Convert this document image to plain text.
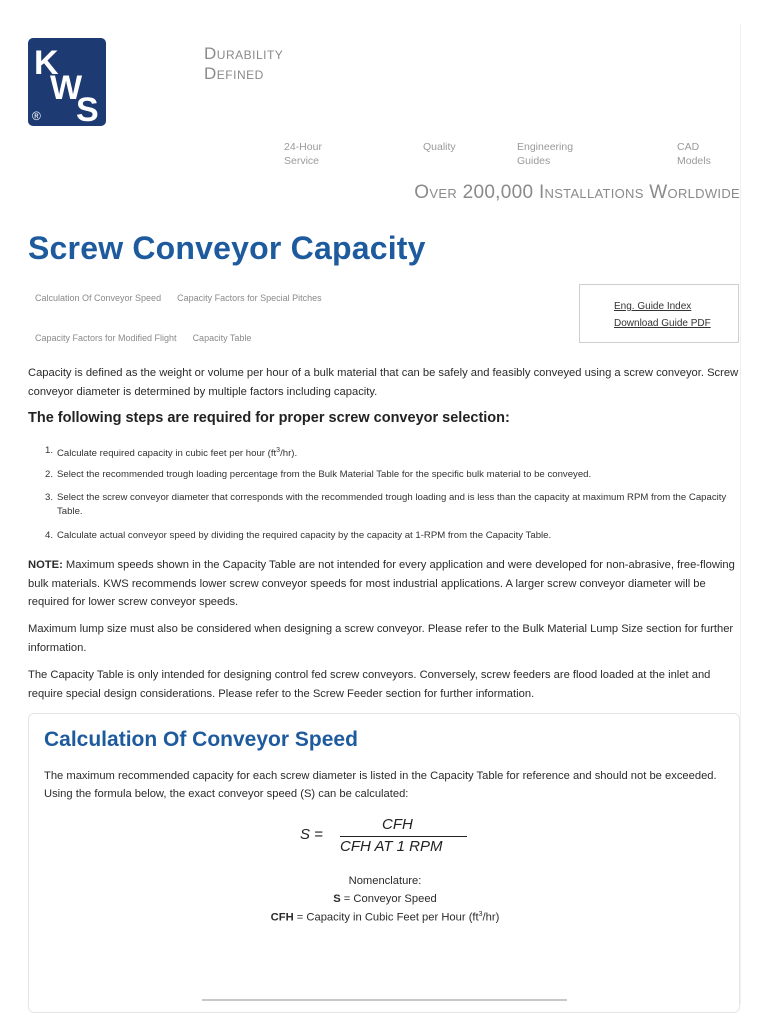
K
W
S
®
Durability
Defined
24-Hour
Service
Quality	Engineering
Guides
CAD
Models
Over 200,000 Installations Worldwide
Screw Conveyor Capacity
Calculation Of Conveyor Speed Capacity Factors for Special Pitches
Capacity Factors for Modified Flight Capacity Table
Eng. Guide Index
Download Guide PDF

Capacity is defined as the weight or volume per hour of a bulk material that can be safely and feasibly conveyed using a screw conveyor. Screw conveyor diameter is determined by multiple factors including capacity.

The following steps are required for proper screw conveyor selection:
1. Calculate required capacity in cubic feet per hour $(ft^3/hr)$.
2. Select the recommended trough loading percentage from the Bulk Material Table for the specific bulk material to be conveyed.
3. Select the screw conveyor diameter that corresponds with the recommended trough loading and is less than the capacity at maximum RPM from the Capacity Table.
4. Calculate actual conveyor speed by dividing the required capacity by the capacity at 1-RPM from the Capacity Table.

NOTE: Maximum speeds shown in the Capacity Table are not intended for every application and were developed for non-abrasive, free-flowing bulk materials. KWS recommends lower screw conveyor speeds for most industrial applications. A larger screw conveyor diameter will be required for lower screw conveyor speeds.

Maximum lump size must also be considered when designing a screw conveyor. Please refer to the Bulk Material Lump Size section for further information.

The Capacity Table is only intended for designing control fed screw conveyors. Conversely, screw feeders are flood loaded at the inlet and require special design considerations. Please refer to the Screw Feeder section for further information.

Calculation Of Conveyor Speed

The maximum recommended capacity for each screw diameter is listed in the Capacity Table for reference and should not be exceeded. Using the formula below, the exact conveyor speed (S) can be calculated:

S =
CFH
CFH AT 1 RPM
Nomenclature:
S = Conveyor Speed
CFH = Capacity in Cubic Feet per Hour $(ft^3/hr)$
